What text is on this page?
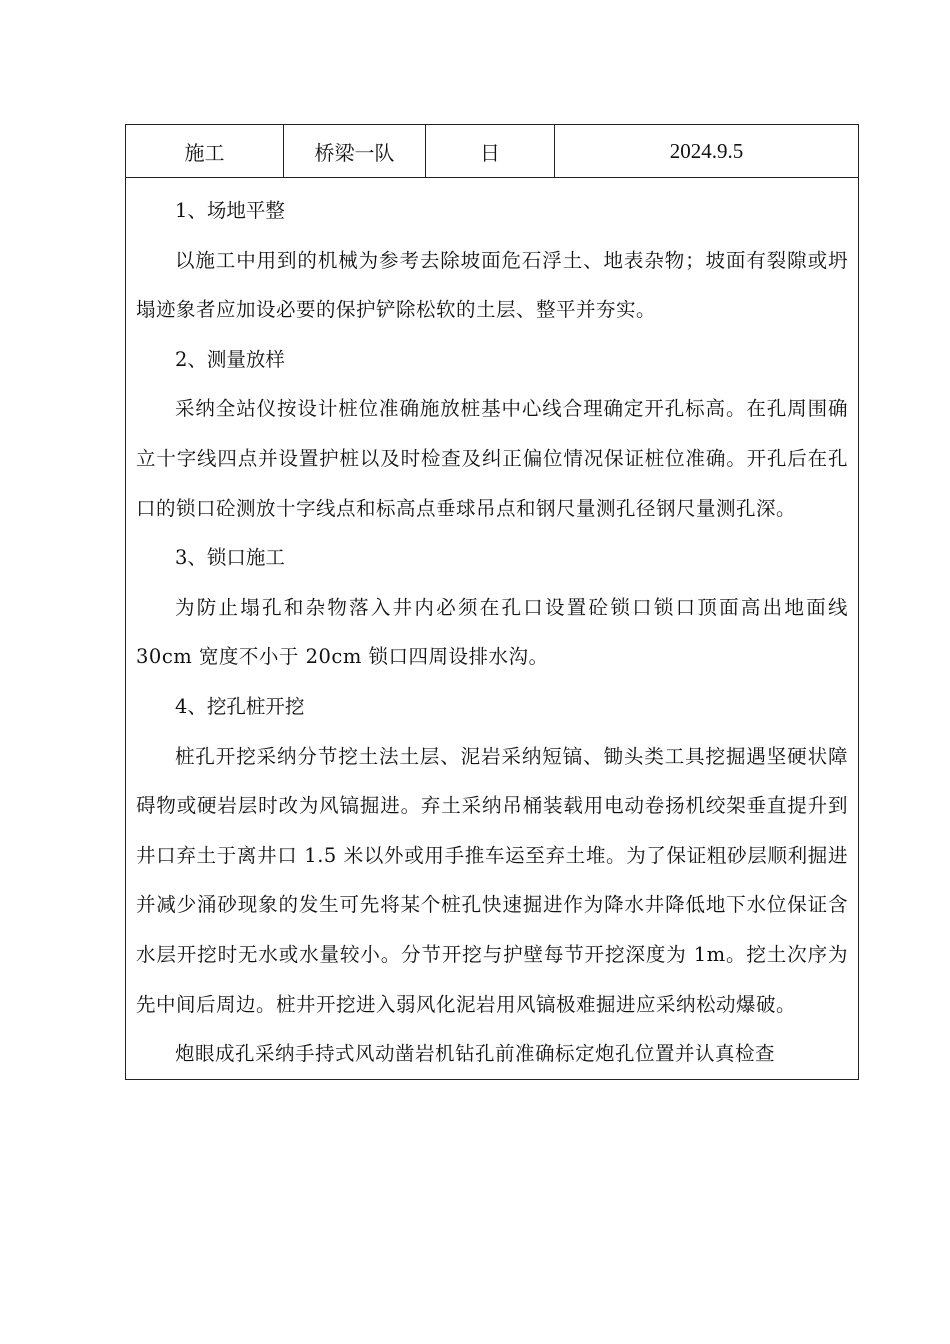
施工	桥梁一队	日	2024.9.5

1、场地平整

以施工中用到的机械为参考去除坡面危石浮土、地表杂物；坡面有裂隙或坍塌迹象者应加设必要的保护铲除松软的土层、整平并夯实。

2、测量放样

采纳全站仪按设计桩位准确施放桩基中心线合理确定开孔标高。在孔周围确立十字线四点并设置护桩以及时检查及纠正偏位情况保证桩位准确。开孔后在孔口的锁口砼测放十字线点和标高点垂球吊点和钢尺量测孔径钢尺量测孔深。

3、锁口施工

为防止塌孔和杂物落入井内必须在孔口设置砼锁口锁口顶面高出地面线 30cm 宽度不小于 20cm 锁口四周设排水沟。

4、挖孔桩开挖

桩孔开挖采纳分节挖土法土层、泥岩采纳短镐、锄头类工具挖掘遇坚硬状障碍物或硬岩层时改为风镐掘进。弃土采纳吊桶装载用电动卷扬机绞架垂直提升到井口弃土于离井口 1.5 米以外或用手推车运至弃土堆。为了保证粗砂层顺利掘进并减少涌砂现象的发生可先将某个桩孔快速掘进作为降水井降低地下水位保证含水层开挖时无水或水量较小。分节开挖与护壁每节开挖深度为 1m。挖土次序为先中间后周边。桩井开挖进入弱风化泥岩用风镐极难掘进应采纳松动爆破。

炮眼成孔采纳手持式风动凿岩机钻孔前准确标定炮孔位置并认真检查
